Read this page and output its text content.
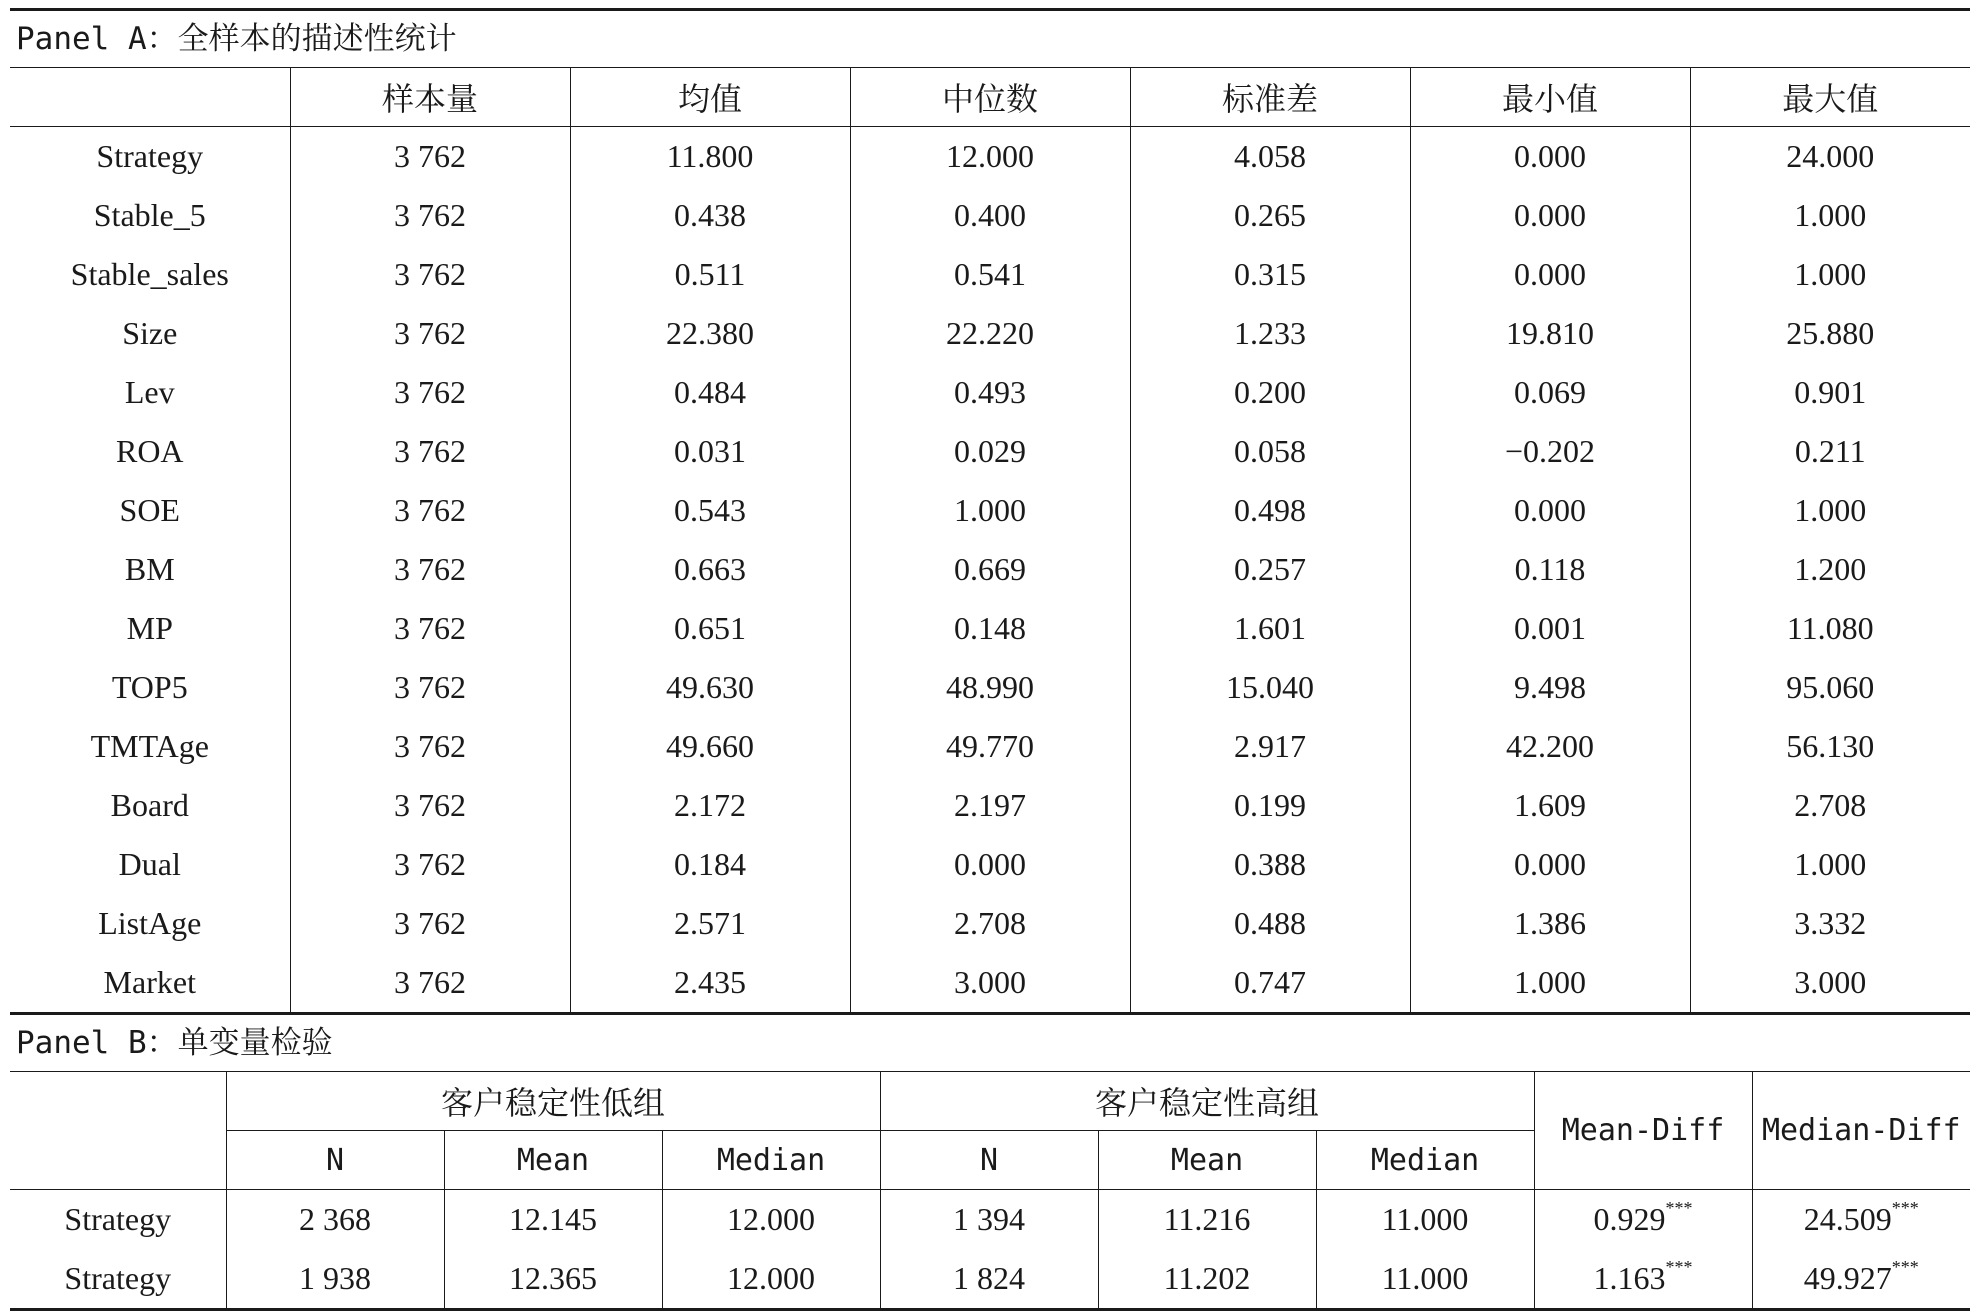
Panel A：全样本的描述性统计
	样本量	均值	中位数	标准差	最小值	最大值
Strategy	3 762	11.800	12.000	4.058	0.000	24.000
Stable_5	3 762	0.438	0.400	0.265	0.000	1.000
Stable_sales	3 762	0.511	0.541	0.315	0.000	1.000
Size	3 762	22.380	22.220	1.233	19.810	25.880
Lev	3 762	0.484	0.493	0.200	0.069	0.901
ROA	3 762	0.031	0.029	0.058	−0.202	0.211
SOE	3 762	0.543	1.000	0.498	0.000	1.000
BM	3 762	0.663	0.669	0.257	0.118	1.200
MP	3 762	0.651	0.148	1.601	0.001	11.080
TOP5	3 762	49.630	48.990	15.040	9.498	95.060
TMTAge	3 762	49.660	49.770	2.917	42.200	56.130
Board	3 762	2.172	2.197	0.199	1.609	2.708
Dual	3 762	0.184	0.000	0.388	0.000	1.000
ListAge	3 762	2.571	2.708	0.488	1.386	3.332
Market	3 762	2.435	3.000	0.747	1.000	3.000
Panel B：单变量检验
	客户稳定性低组			客户稳定性高组			Mean-Diff	Median-Diff
	N	Mean	Median	N	Mean	Median		
Strategy	2 368	12.145	12.000	1 394	11.216	11.000	0.929***	24.509***
Strategy	1 938	12.365	12.000	1 824	11.202	11.000	1.163***	49.927***
